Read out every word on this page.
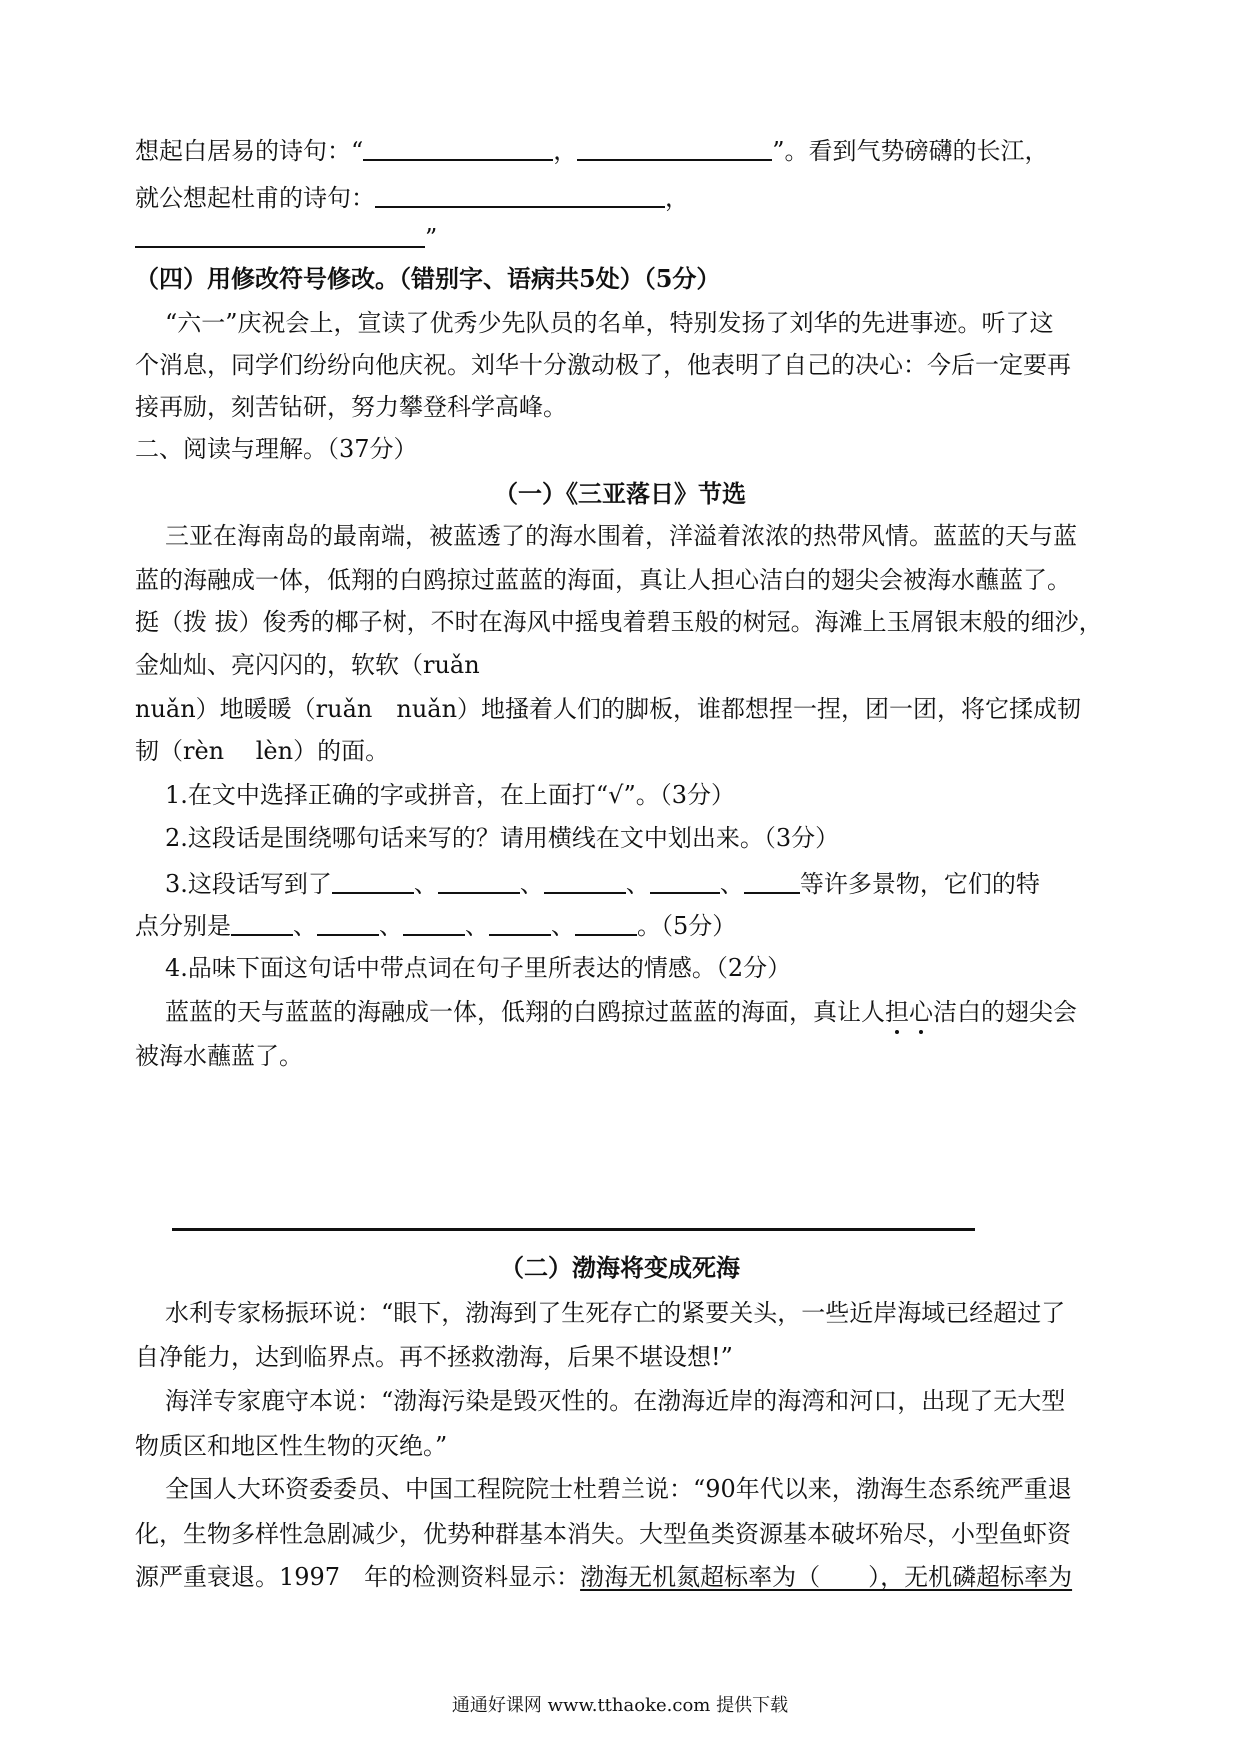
想起白居易的诗句：“	，	”。看到气势磅礴的长江，
就公想起杜甫的诗句：	，
”
（四）用修改符号修改。（错别字、语病共5处）（5分）
“六一”庆祝会上，宣读了优秀少先队员的名单，特别发扬了刘华的先进事迹。听了这
个消息，同学们纷纷向他庆祝。刘华十分激动极了，他表明了自己的决心：今后一定要再
接再励，刻苦钻研，努力攀登科学高峰。
二、阅读与理解。（37分）
（一）《三亚落日》节选
三亚在海南岛的最南端，被蓝透了的海水围着，洋溢着浓浓的热带风情。蓝蓝的天与蓝
蓝的海融成一体，低翔的白鸥掠过蓝蓝的海面，真让人担心洁白的翅尖会被海水蘸蓝了。
挺（拨 拔）俊秀的椰子树，不时在海风中摇曳着碧玉般的树冠。海滩上玉屑银末般的细沙，
金灿灿、亮闪闪的，软软（ruǎn
nuǎn）地暖暖（ruǎn　nuǎn）地搔着人们的脚板，谁都想捏一捏，团一团，将它揉成韧
韧（rèn　 lèn）的面。
1.在文中选择正确的字或拼音，在上面打“√”。（3分）
2.这段话是围绕哪句话来写的？请用横线在文中划出来。（3分）
3.这段话写到了	、	、	、	、 等许多景物，它们的特
点分别是	、	、	、	、	。（5分）
4.品味下面这句话中带点词在句子里所表达的情感。（2分）
蓝蓝的天与蓝蓝的海融成一体，低翔的白鸥掠过蓝蓝的海面，真让人担心洁白的翅尖会
被海水蘸蓝了。
（二）渤海将变成死海
水利专家杨振环说：“眼下，渤海到了生死存亡的紧要关头，一些近岸海域已经超过了
自净能力，达到临界点。再不拯救渤海，后果不堪设想!”
海洋专家鹿守本说：“渤海污染是毁灭性的。在渤海近岸的海湾和河口，出现了无大型
物质区和地区性生物的灭绝。”
全国人大环资委委员、中国工程院院士杜碧兰说：“90年代以来，渤海生态系统严重退
化，生物多样性急剧减少，优势种群基本消失。大型鱼类资源基本破坏殆尽，小型鱼虾资
源严重衰退。1997　年的检测资料显示：渤海无机氮超标率为（　　），无机磷超标率为
通通好课网 www.tthaoke.com 提供下载
